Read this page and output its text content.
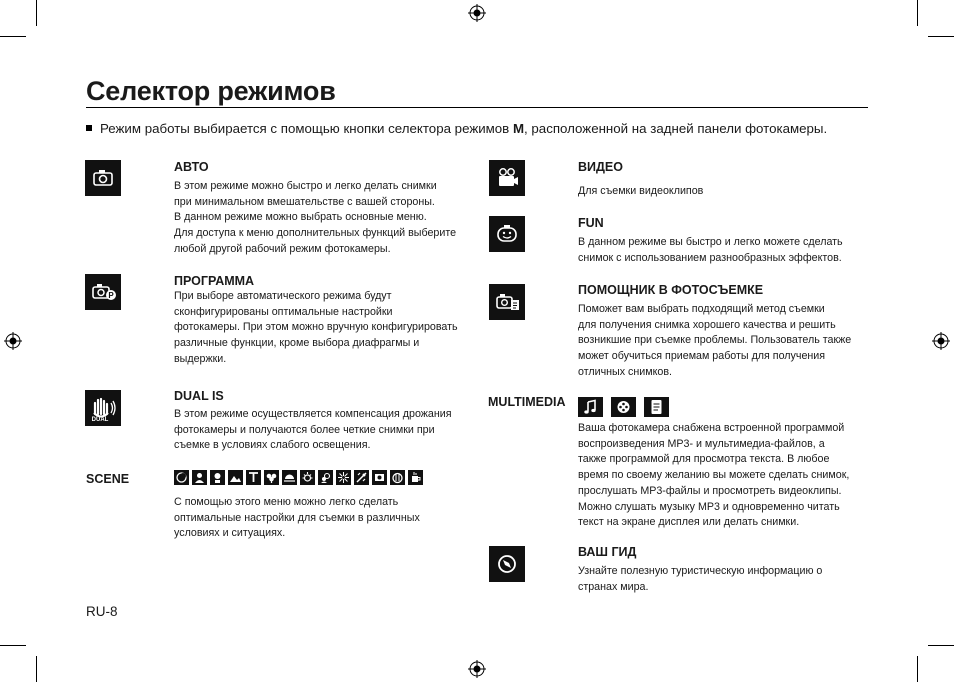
Селектор режимов
Режим работы выбирается с помощью кнопки селектора режимов M, расположенной на задней панели фотокамеры.
АВТО
В этом режиме можно быстро и легко делать снимки
при минимальном вмешательстве с вашей стороны.
В данном режиме можно выбрать основные меню.
Для доступа к меню дополнительных функций выберите
любой другой рабочий режим фотокамеры.
P
ПРОГРАММА
При выборе автоматического режима будут
сконфигурированы оптимальные настройки
фотокамеры. При этом можно вручную конфигурировать
различные функции, кроме выбора диафрагмы и
выдержки.
DUAL
DUAL IS
В этом режиме осуществляется компенсация дрожания
фотокамеры и получаются более четкие снимки при
съемке в условиях слабого освещения.
SCENE
С помощью этого меню можно легко сделать
оптимальные настройки для съемки в различных
условиях и ситуациях.
ВИДЕО
Для съемки видеоклипов
FUN
В данном режиме вы быстро и легко можете сделать
снимок с использованием разнообразных эффектов.
ПОМОЩНИК В ФОТОСЪЕМКЕ
Поможет вам выбрать подходящий метод съемки
для получения снимка хорошего качества и решить
возникшие при съемке проблемы. Пользователь также
может обучиться приемам работы для получения
отличных снимков.
MULTIMEDIA
Ваша фотокамера снабжена встроенной программой
воспроизведения МР3- и мультимедиа-файлов, а
также программой для просмотра текста. В любое
время по своему желанию вы можете сделать снимок,
прослушать МР3-файлы и просмотреть видеоклипы.
Можно слушать музыку МР3 и одновременно читать
текст на экране дисплея или делать снимки.
ВАШ ГИД
Узнайте полезную туристическую информацию о
странах мира.
RU-8
